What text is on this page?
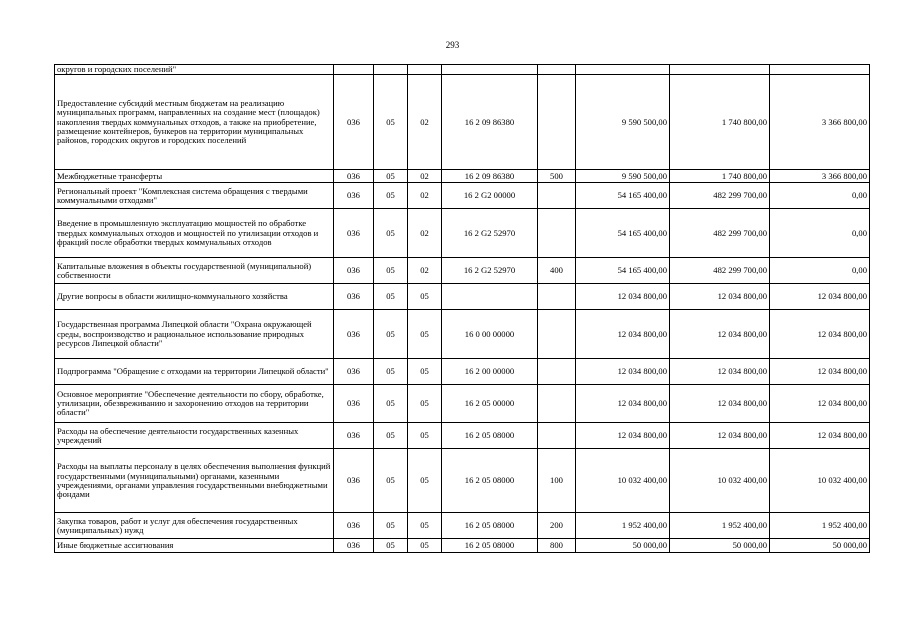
293
округов и городских поселений"								
Предоставление субсидий местным бюджетам на реализацию муниципальных программ, направленных на создание мест (площадок) накопления твердых коммунальных отходов, а также на приобретение, размещение контейнеров, бункеров на территории муниципальных районов, городских округов и городских поселений	036	05	02	16 2 09 86380		9 590 500,00	1 740 800,00	3 366 800,00
Межбюджетные трансферты	036	05	02	16 2 09 86380	500	9 590 500,00	1 740 800,00	3 366 800,00
Региональный проект "Комплексная система обращения с твердыми коммунальными отходами"	036	05	02	16 2 G2 00000		54 165 400,00	482 299 700,00	0,00
Введение в промышленную эксплуатацию мощностей по обработке твердых коммунальных отходов и мощностей по утилизации отходов и фракций после обработки твердых коммунальных отходов	036	05	02	16 2 G2 52970		54 165 400,00	482 299 700,00	0,00
Капитальные вложения в объекты государственной (муниципальной) собственности	036	05	02	16 2 G2 52970	400	54 165 400,00	482 299 700,00	0,00
Другие вопросы в области жилищно-коммунального хозяйства	036	05	05			12 034 800,00	12 034 800,00	12 034 800,00
Государственная программа Липецкой области "Охрана окружающей среды, воспроизводство и рациональное использование природных ресурсов Липецкой области"	036	05	05	16 0 00 00000		12 034 800,00	12 034 800,00	12 034 800,00
Подпрограмма "Обращение с отходами на территории Липецкой области"	036	05	05	16 2 00 00000		12 034 800,00	12 034 800,00	12 034 800,00
Основное мероприятие "Обеспечение деятельности по сбору, обработке, утилизации, обезвреживанию и захоронению отходов на территории области"	036	05	05	16 2 05 00000		12 034 800,00	12 034 800,00	12 034 800,00
Расходы на обеспечение деятельности государственных казенных учреждений	036	05	05	16 2 05 08000		12 034 800,00	12 034 800,00	12 034 800,00
Расходы на выплаты персоналу в целях обеспечения выполнения функций государственными (муниципальными) органами, казенными учреждениями, органами управления государственными внебюджетными фондами	036	05	05	16 2 05 08000	100	10 032 400,00	10 032 400,00	10 032 400,00
Закупка товаров, работ и услуг для обеспечения государственных (муниципальных) нужд	036	05	05	16 2 05 08000	200	1 952 400,00	1 952 400,00	1 952 400,00
Иные бюджетные ассигнования	036	05	05	16 2 05 08000	800	50 000,00	50 000,00	50 000,00
